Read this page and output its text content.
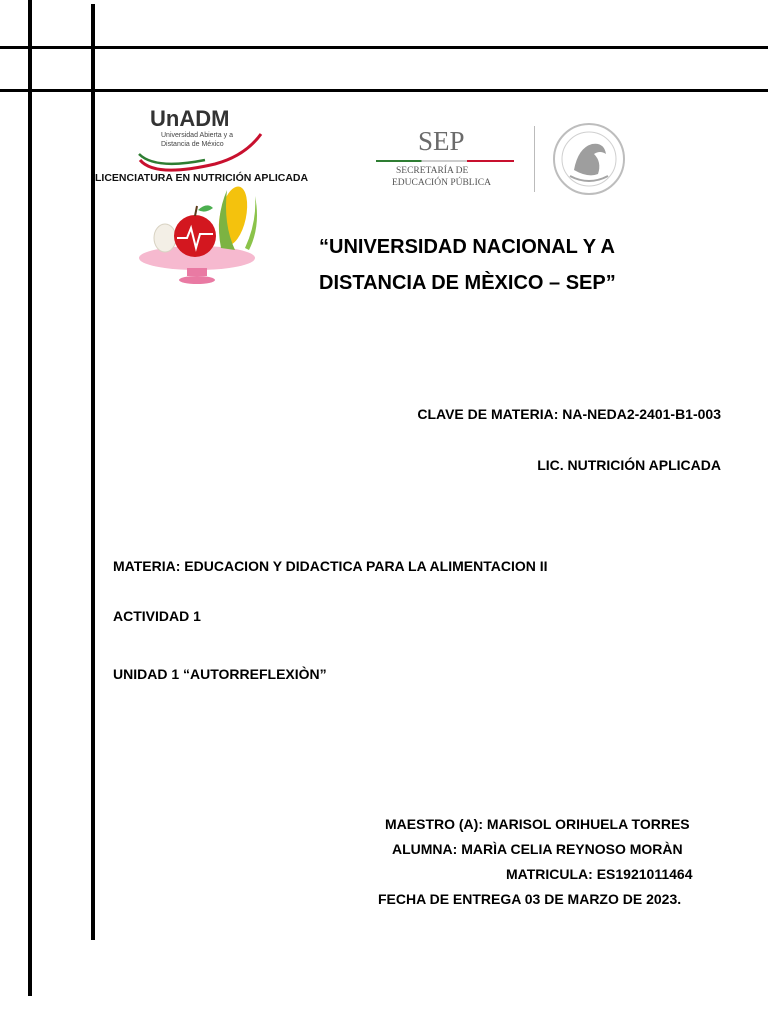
UnADM
Universidad Abierta y a
Distancia de México
LICENCIATURA EN NUTRICIÓN APLICADA
SEP
SECRETARÍA DE
EDUCACIÓN PÚBLICA
“UNIVERSIDAD NACIONAL Y A
DISTANCIA DE MÈXICO – SEP”
CLAVE DE MATERIA: NA-NEDA2-2401-B1-003
LIC. NUTRICIÓN APLICADA
MATERIA: EDUCACION Y DIDACTICA PARA LA ALIMENTACION II
ACTIVIDAD 1
UNIDAD 1 “AUTORREFLEXIÒN”
MAESTRO (A): MARISOL ORIHUELA TORRES
ALUMNA: MARÌA CELIA REYNOSO MORÀN
MATRICULA: ES1921011464
FECHA DE ENTREGA 03 DE MARZO DE 2023.
